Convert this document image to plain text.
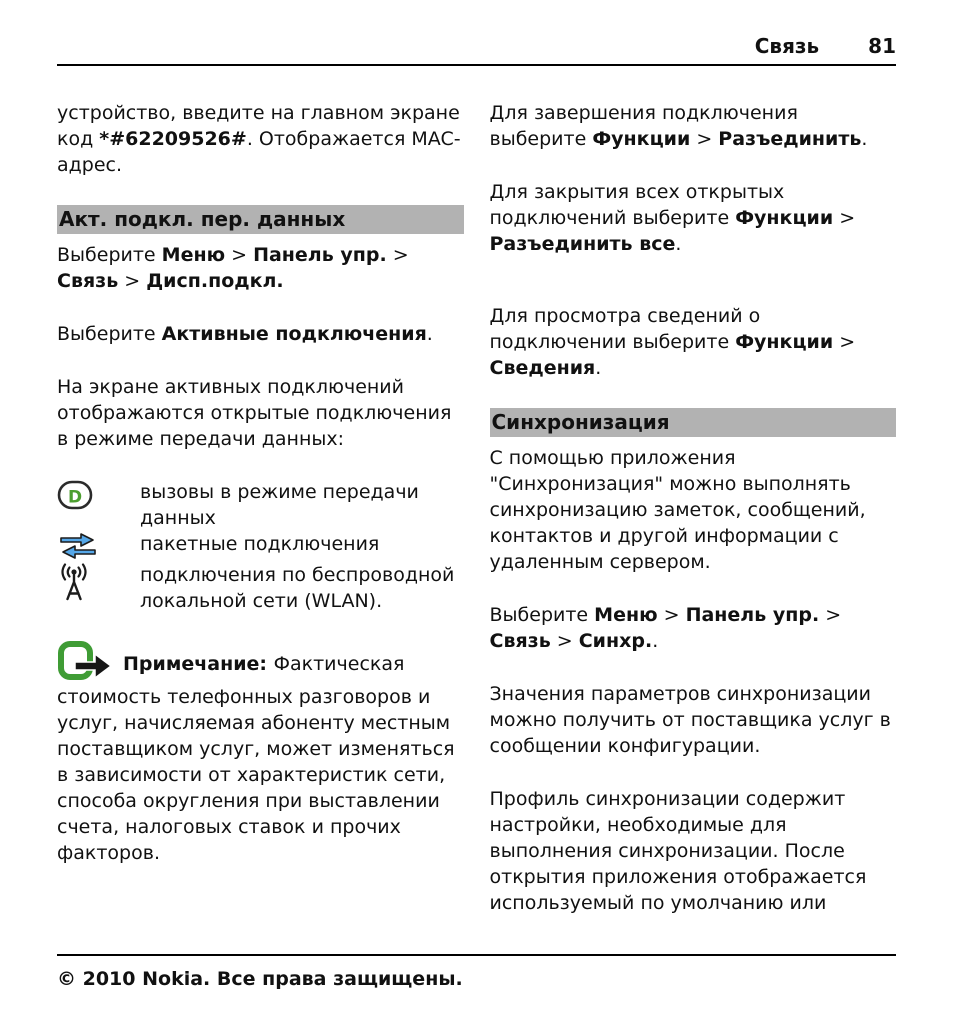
Связь 81

устройство, введите на главном экране код *#62209526#. Отображается MAC-адрес.

Акт. подкл. пер. данных

Выберите Меню > Панель упр. > Связь > Дисп.подкл.

Выберите Активные подключения.

На экране активных подключений отображаются открытые подключения в режиме передачи данных:

D	вызовы в режиме передачи данных
пакетные подключения
подключения по беспроводной локальной сети (WLAN).

Примечание: Фактическая стоимость телефонных разговоров и услуг, начисляемая абоненту местным поставщиком услуг, может изменяться в зависимости от характеристик сети, способа округления при выставлении счета, налоговых ставок и прочих факторов.

Для завершения подключения выберите Функции > Разъединить.

Для закрытия всех открытых подключений выберите Функции > Разъединить все.

Для просмотра сведений о подключении выберите Функции > Сведения.

Синхронизация

С помощью приложения "Синхронизация" можно выполнять синхронизацию заметок, сообщений, контактов и другой информации с удаленным сервером.

Выберите Меню > Панель упр. > Связь > Синхр..

Значения параметров синхронизации можно получить от поставщика услуг в сообщении конфигурации.

Профиль синхронизации содержит настройки, необходимые для выполнения синхронизации. После открытия приложения отображается используемый по умолчанию или

© 2010 Nokia. Все права защищены.
